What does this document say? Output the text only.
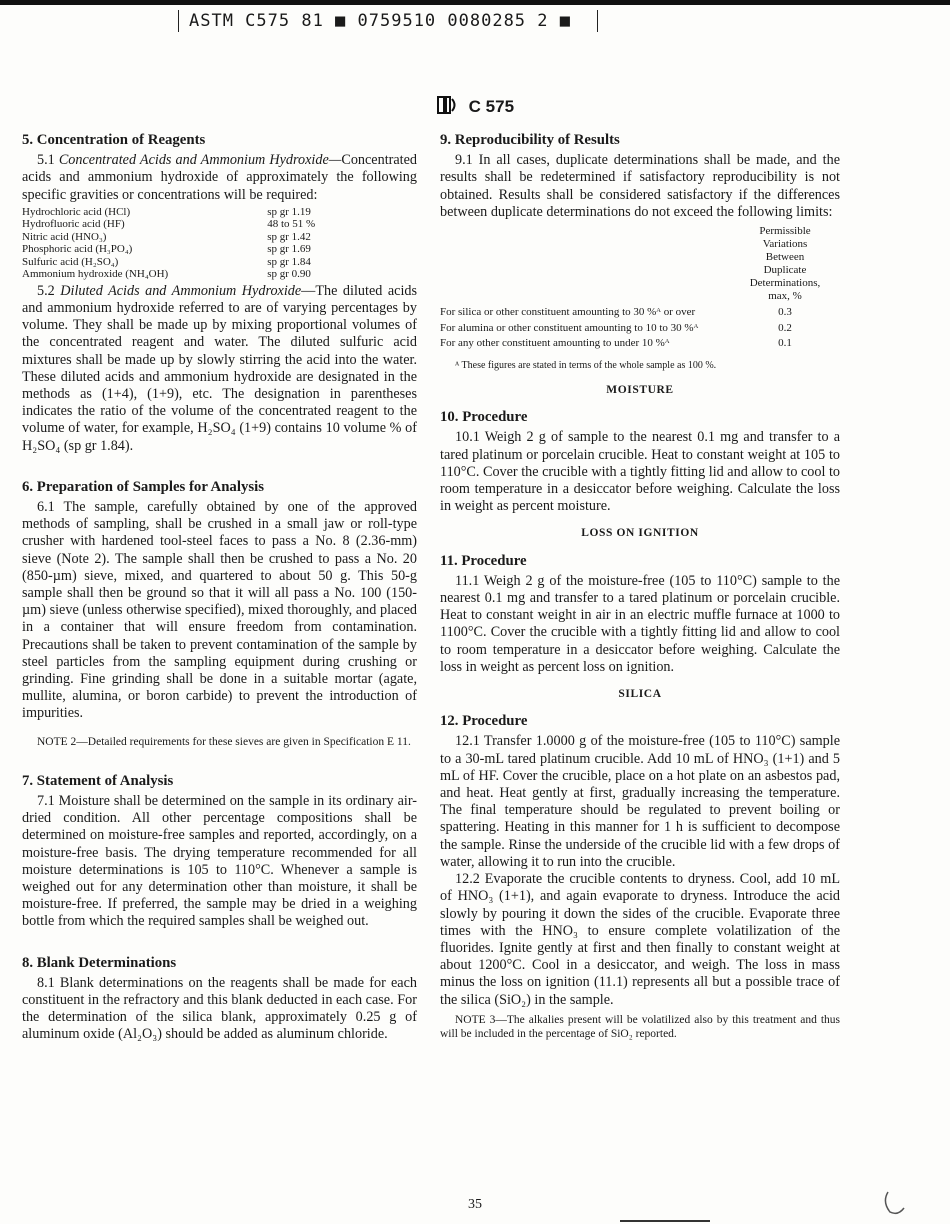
ASTM C575 81 ■ 0759510 0080285 2 ■
C 575
5. Concentration of Reagents

5.1 Concentrated Acids and Ammonium Hydroxide—Concentrated acids and ammonium hydroxide of approximately the following specific gravities or concentrations will be required:

Hydrochloric acid (HCl)	sp gr 1.19
Hydrofluoric acid (HF)	48 to 51 %
Nitric acid (HNO₃)	sp gr 1.42
Phosphoric acid (H₃PO₄)	sp gr 1.69
Sulfuric acid (H₂SO₄)	sp gr 1.84
Ammonium hydroxide (NH₄OH)	sp gr 0.90

5.2 Diluted Acids and Ammonium Hydroxide—The diluted acids and ammonium hydroxide referred to are of varying percentages by volume. They shall be made up by mixing proportional volumes of the concentrated reagent and water. The diluted sulfuric acid mixtures shall be made up by slowly stirring the acid into the water. These diluted acids and ammonium hydroxide are designated in the methods as (1+4), (1+9), etc. The designation in parentheses indicates the ratio of the volume of the concentrated reagent to the volume of water, for example, H₂SO₄ (1+9) contains 10 volume % of H₂SO₄ (sp gr 1.84).

6. Preparation of Samples for Analysis

6.1 The sample, carefully obtained by one of the approved methods of sampling, shall be crushed in a small jaw or roll-type crusher with hardened tool-steel faces to pass a No. 8 (2.36-mm) sieve (Note 2). The sample shall then be crushed to pass a No. 20 (850-µm) sieve, mixed, and quartered to about 50 g. This 50-g sample shall then be ground so that it will all pass a No. 100 (150-µm) sieve (unless otherwise specified), mixed thoroughly, and placed in a container that will ensure freedom from contamination. Precautions shall be taken to prevent contamination of the sample by steel particles from the sampling equipment during crushing or grinding. Fine grinding shall be done in a suitable mortar (agate, mullite, alumina, or boron carbide) to prevent the introduction of impurities.

NOTE 2—Detailed requirements for these sieves are given in Specification E 11.

7. Statement of Analysis

7.1 Moisture shall be determined on the sample in its ordinary air-dried condition. All other percentage compositions shall be determined on moisture-free samples and reported, accordingly, on a moisture-free basis. The drying temperature recommended for all moisture determinations is 105 to 110°C. Whenever a sample is weighed out for any determination other than moisture, it shall be moisture-free. If preferred, the sample may be dried in a weighing bottle from which the required samples shall be weighed out.

8. Blank Determinations

8.1 Blank determinations on the reagents shall be made for each constituent in the refractory and this blank deducted in each case. For the determination of the silica blank, approximately 0.25 g of aluminum oxide (Al₂O₃) should be added as aluminum chloride.

9. Reproducibility of Results

9.1 In all cases, duplicate determinations shall be made, and the results shall be redetermined if satisfactory reproducibility is not obtained. Results shall be considered satisfactory if the differences between duplicate determinations do not exceed the following limits:

Permissible
Variations
Between
Duplicate
Determinations,
max, %
For silica or other constituent amounting to 30 %ᴬ or over	0.3
For alumina or other constituent amounting to 10 to 30 %ᴬ	0.2
For any other constituent amounting to under 10 %ᴬ	0.1
ᴬ These figures are stated in terms of the whole sample as 100 %.
MOISTURE
10. Procedure

10.1 Weigh 2 g of sample to the nearest 0.1 mg and transfer to a tared platinum or porcelain crucible. Heat to constant weight at 105 to 110°C. Cover the crucible with a tightly fitting lid and allow to cool to room temperature in a desiccator before weighing. Calculate the loss in weight as percent moisture.

LOSS ON IGNITION
11. Procedure

11.1 Weigh 2 g of the moisture-free (105 to 110°C) sample to the nearest 0.1 mg and transfer to a tared platinum or porcelain crucible. Heat to constant weight in air in an electric muffle furnace at 1000 to 1100°C. Cover the crucible with a tightly fitting lid and allow to cool to room temperature in a desiccator before weighing. Calculate the loss in weight as percent loss on ignition.

SILICA
12. Procedure

12.1 Transfer 1.0000 g of the moisture-free (105 to 110°C) sample to a 30-mL tared platinum crucible. Add 10 mL of HNO₃ (1+1) and 5 mL of HF. Cover the crucible, place on a hot plate on an asbestos pad, and heat. Heat gently at first, gradually increasing the temperature. The final temperature should be regulated to prevent boiling or spattering. Heating in this manner for 1 h is sufficient to decompose the sample. Rinse the underside of the crucible lid with a few drops of water, allowing it to run into the crucible.

12.2 Evaporate the crucible contents to dryness. Cool, add 10 mL of HNO₃ (1+1), and again evaporate to dryness. Introduce the acid slowly by pouring it down the sides of the crucible. Evaporate three times with the HNO₃ to ensure complete volatilization of the fluorides. Ignite gently at first and then finally to constant weight at about 1200°C. Cool in a desiccator, and weigh. The loss in mass minus the loss on ignition (11.1) represents all but a possible trace of the silica (SiO₂) in the sample.

NOTE 3—The alkalies present will be volatilized also by this treatment and thus will be included in the percentage of SiO₂ reported.

35
